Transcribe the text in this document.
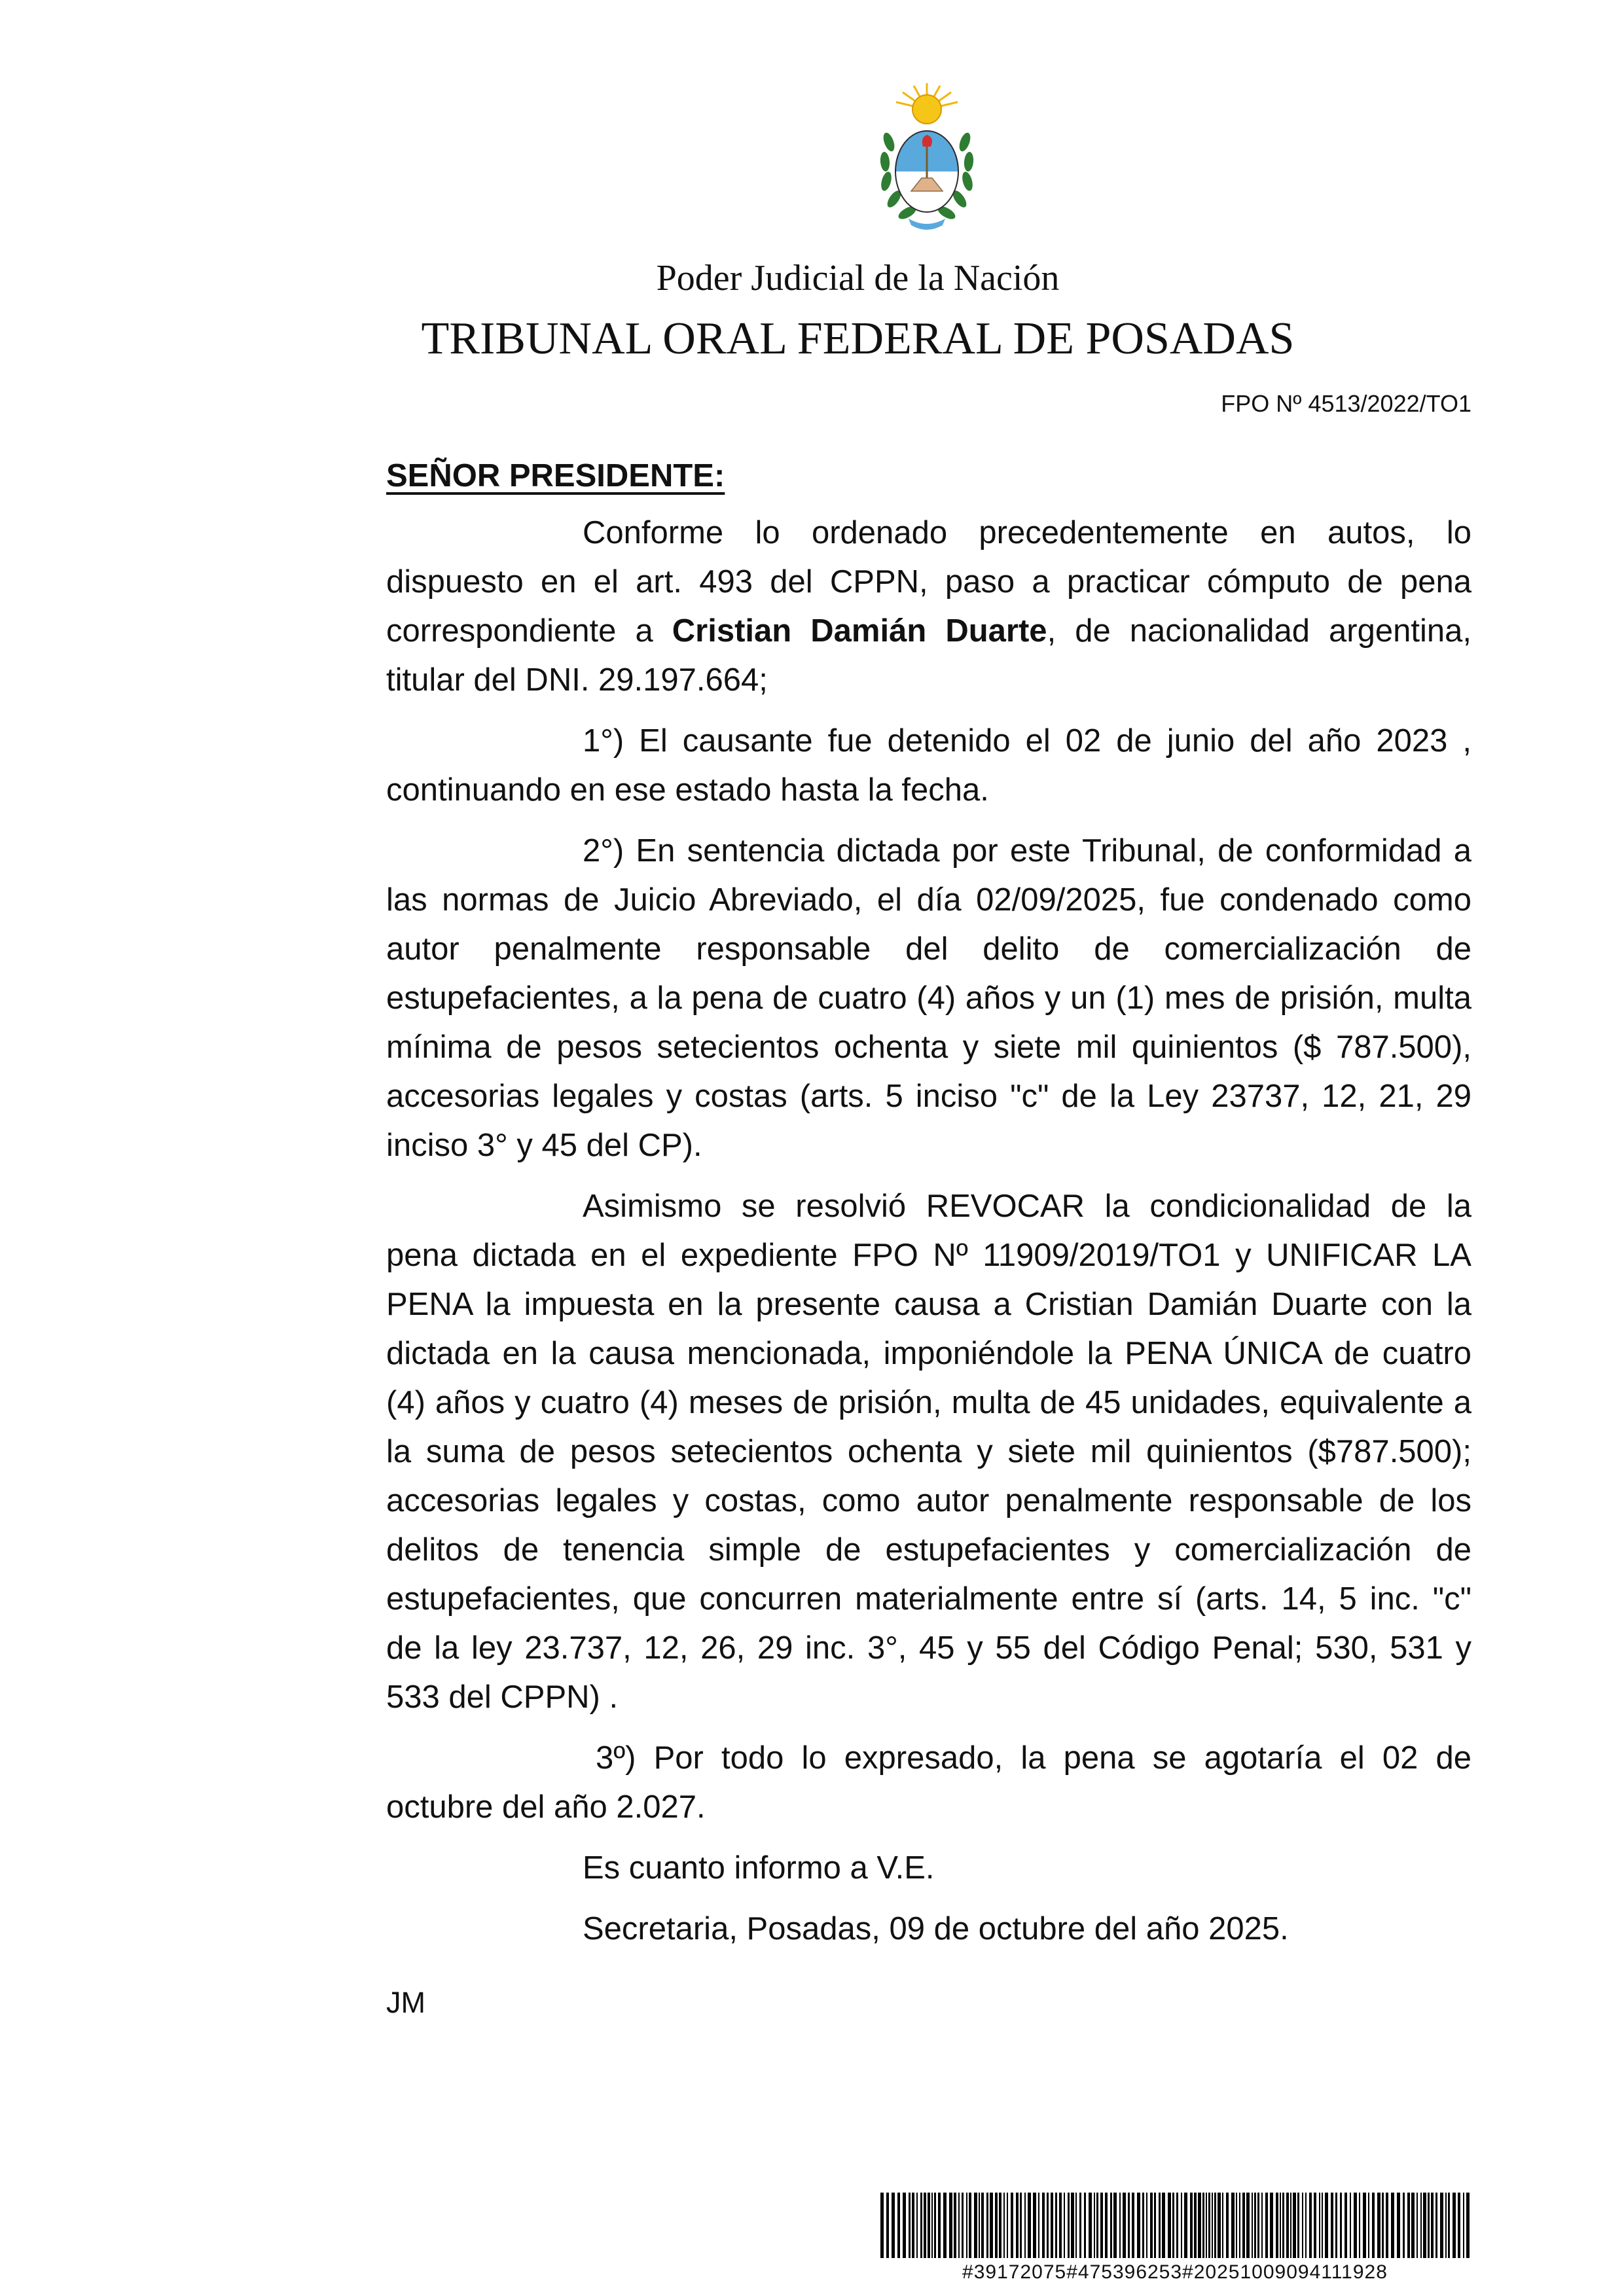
Poder Judicial de la Nación
TRIBUNAL ORAL FEDERAL DE POSADAS
FPO Nº 4513/2022/TO1

SEÑOR PRESIDENTE:

Conforme lo ordenado precedentemente en autos, lo dispuesto en el art. 493 del CPPN, paso a practicar cómputo de pena correspondiente a Cristian Damián Duarte, de nacionalidad argentina, titular del DNI. 29.197.664;

1°) El causante fue detenido el 02 de junio del año 2023 , continuando en ese estado hasta la fecha.

2°) En sentencia dictada por este Tribunal, de conformidad a las normas de Juicio Abreviado, el día 02/09/2025, fue condenado como autor penalmente responsable del delito de comercialización de estupefacientes, a la pena de cuatro (4) años y un (1) mes de prisión, multa mínima de pesos setecientos ochenta y siete mil quinientos ($ 787.500), accesorias legales y costas (arts. 5 inciso "c" de la Ley 23737, 12, 21, 29 inciso 3° y 45 del CP).

Asimismo se resolvió REVOCAR la condicionalidad de la pena dictada en el expediente FPO Nº 11909/2019/TO1 y UNIFICAR LA PENA la impuesta en la presente causa a Cristian Damián Duarte con la dictada en la causa mencionada, imponiéndole la PENA ÚNICA de cuatro (4) años y cuatro (4) meses de prisión, multa de 45 unidades, equivalente a la suma de pesos setecientos ochenta y siete mil quinientos ($787.500); accesorias legales y costas, como autor penalmente responsable de los delitos de tenencia simple de estupefacientes y comercialización de estupefacientes, que concurren materialmente entre sí (arts. 14, 5 inc. "c" de la ley 23.737, 12, 26, 29 inc. 3°, 45 y 55 del Código Penal; 530, 531 y 533 del CPPN) .

3º) Por todo lo expresado, la pena se agotaría el 02 de octubre del año 2.027.

Es cuanto informo a V.E.

Secretaria, Posadas, 09 de octubre del año 2025.

JM
#39172075#475396253#20251009094111928
